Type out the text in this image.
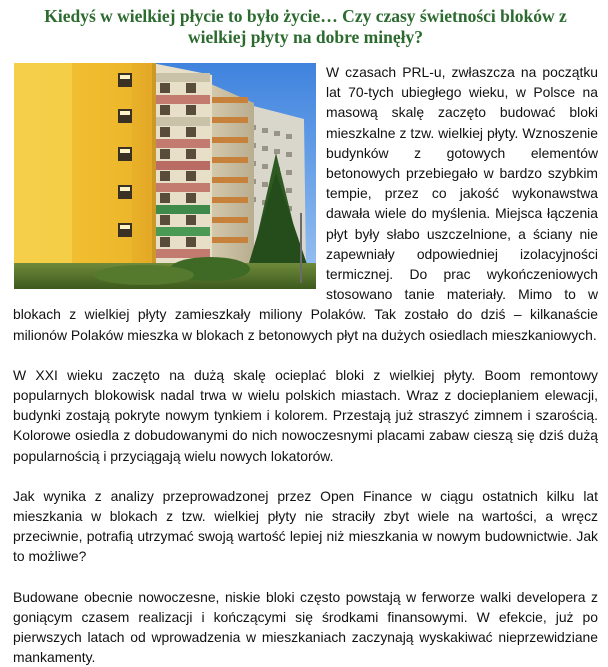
Kiedyś w wielkiej płycie to było życie… Czy czasy świetności bloków z wielkiej płyty na dobre minęły?

W czasach PRL-u, zwłaszcza na początku lat 70-tych ubiegłego wieku, w Polsce na masową skalę zaczęto budować bloki mieszkalne z tzw. wielkiej płyty. Wznoszenie budynków z gotowych elementów betonowych przebiegało w bardzo szybkim tempie, przez co jakość wykonawstwa dawała wiele do myślenia. Miejsca łączenia płyt były słabo uszczelnione, a ściany nie zapewniały odpowiedniej izolacyjności termicznej. Do prac wykończeniowych stosowano tanie materiały. Mimo to w blokach z wielkiej płyty zamieszkały miliony Polaków. Tak zostało do dziś – kilkanaście milionów Polaków mieszka w blokach z betonowych płyt na dużych osiedlach mieszkaniowych.

W XXI wieku zaczęto na dużą skalę ocieplać bloki z wielkiej płyty. Boom remontowy popularnych blokowisk nadal trwa w wielu polskich miastach. Wraz z docieplaniem elewacji, budynki zostają pokryte nowym tynkiem i kolorem. Przestają już straszyć zimnem i szarością. Kolorowe osiedla z dobudowanymi do nich nowoczesnymi placami zabaw cieszą się dziś dużą popularnością i przyciągają wielu nowych lokatorów.

Jak wynika z analizy przeprowadzonej przez Open Finance w ciągu ostatnich kilku lat mieszkania w blokach z tzw. wielkiej płyty nie straciły zbyt wiele na wartości, a wręcz przeciwnie, potrafią utrzymać swoją wartość lepiej niż mieszkania w nowym budownictwie. Jak to możliwe?

Budowane obecnie nowoczesne, niskie bloki często powstają w ferworze walki developera z goniącym czasem realizacji i kończącymi się środkami finansowymi. W efekcie, już po pierwszych latach od wprowadzenia w mieszkaniach zaczynają wyskakiwać nieprzewidziane mankamenty.
